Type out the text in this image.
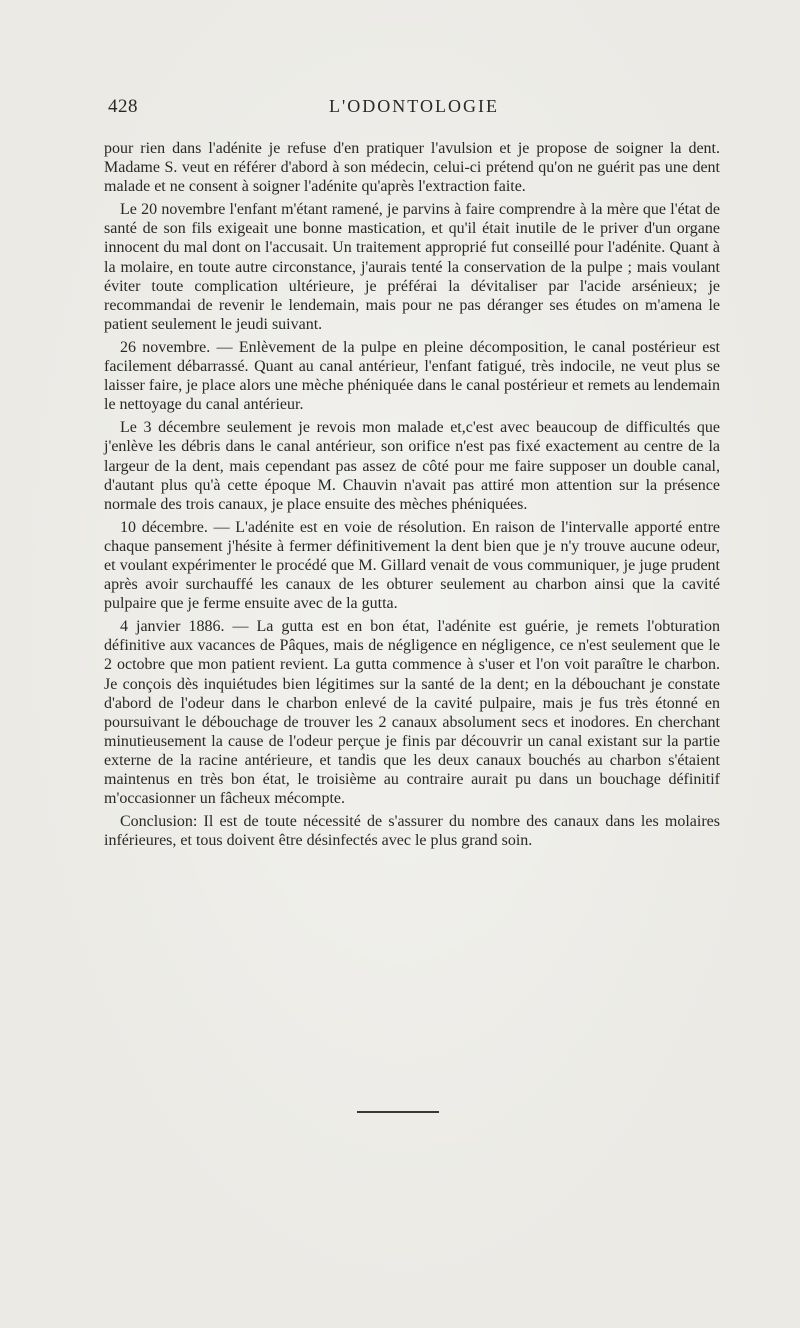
428	L'ODONTOLOGIE

pour rien dans l'adénite je refuse d'en pratiquer l'avulsion et je propose de soigner la dent. Madame S. veut en référer d'abord à son médecin, celui-ci prétend qu'on ne guérit pas une dent malade et ne consent à soigner l'adénite qu'après l'extraction faite.

Le 20 novembre l'enfant m'étant ramené, je parvins à faire comprendre à la mère que l'état de santé de son fils exigeait une bonne mastication, et qu'il était inutile de le priver d'un organe innocent du mal dont on l'accusait. Un traitement approprié fut conseillé pour l'adénite. Quant à la molaire, en toute autre circonstance, j'aurais tenté la conservation de la pulpe ; mais voulant éviter toute complication ultérieure, je préférai la dévitaliser par l'acide arsénieux; je recommandai de revenir le lendemain, mais pour ne pas déranger ses études on m'amena le patient seulement le jeudi suivant.

26 novembre. — Enlèvement de la pulpe en pleine décomposition, le canal postérieur est facilement débarrassé. Quant au canal antérieur, l'enfant fatigué, très indocile, ne veut plus se laisser faire, je place alors une mèche phéniquée dans le canal postérieur et remets au lendemain le nettoyage du canal antérieur.

Le 3 décembre seulement je revois mon malade et,c'est avec beaucoup de difficultés que j'enlève les débris dans le canal antérieur, son orifice n'est pas fixé exactement au centre de la largeur de la dent, mais cependant pas assez de côté pour me faire supposer un double canal, d'autant plus qu'à cette époque M. Chauvin n'avait pas attiré mon attention sur la présence normale des trois canaux, je place ensuite des mèches phéniquées.

10 décembre. — L'adénite est en voie de résolution. En raison de l'intervalle apporté entre chaque pansement j'hésite à fermer définitivement la dent bien que je n'y trouve aucune odeur, et voulant expérimenter le procédé que M. Gillard venait de vous communiquer, je juge prudent après avoir surchauffé les canaux de les obturer seulement au charbon ainsi que la cavité pulpaire que je ferme ensuite avec de la gutta.

4 janvier 1886. — La gutta est en bon état, l'adénite est guérie, je remets l'obturation définitive aux vacances de Pâques, mais de négligence en négligence, ce n'est seulement que le 2 octobre que mon patient revient. La gutta commence à s'user et l'on voit paraître le charbon. Je conçois dès inquiétudes bien légitimes sur la santé de la dent; en la débouchant je constate d'abord de l'odeur dans le charbon enlevé de la cavité pulpaire, mais je fus très étonné en poursuivant le débouchage de trouver les 2 canaux absolument secs et inodores. En cherchant minutieusement la cause de l'odeur perçue je finis par découvrir un canal existant sur la partie externe de la racine antérieure, et tandis que les deux canaux bouchés au charbon s'étaient maintenus en très bon état, le troisième au contraire aurait pu dans un bouchage définitif m'occasionner un fâcheux mécompte.

Conclusion: Il est de toute nécessité de s'assurer du nombre des canaux dans les molaires inférieures, et tous doivent être désinfectés avec le plus grand soin.
